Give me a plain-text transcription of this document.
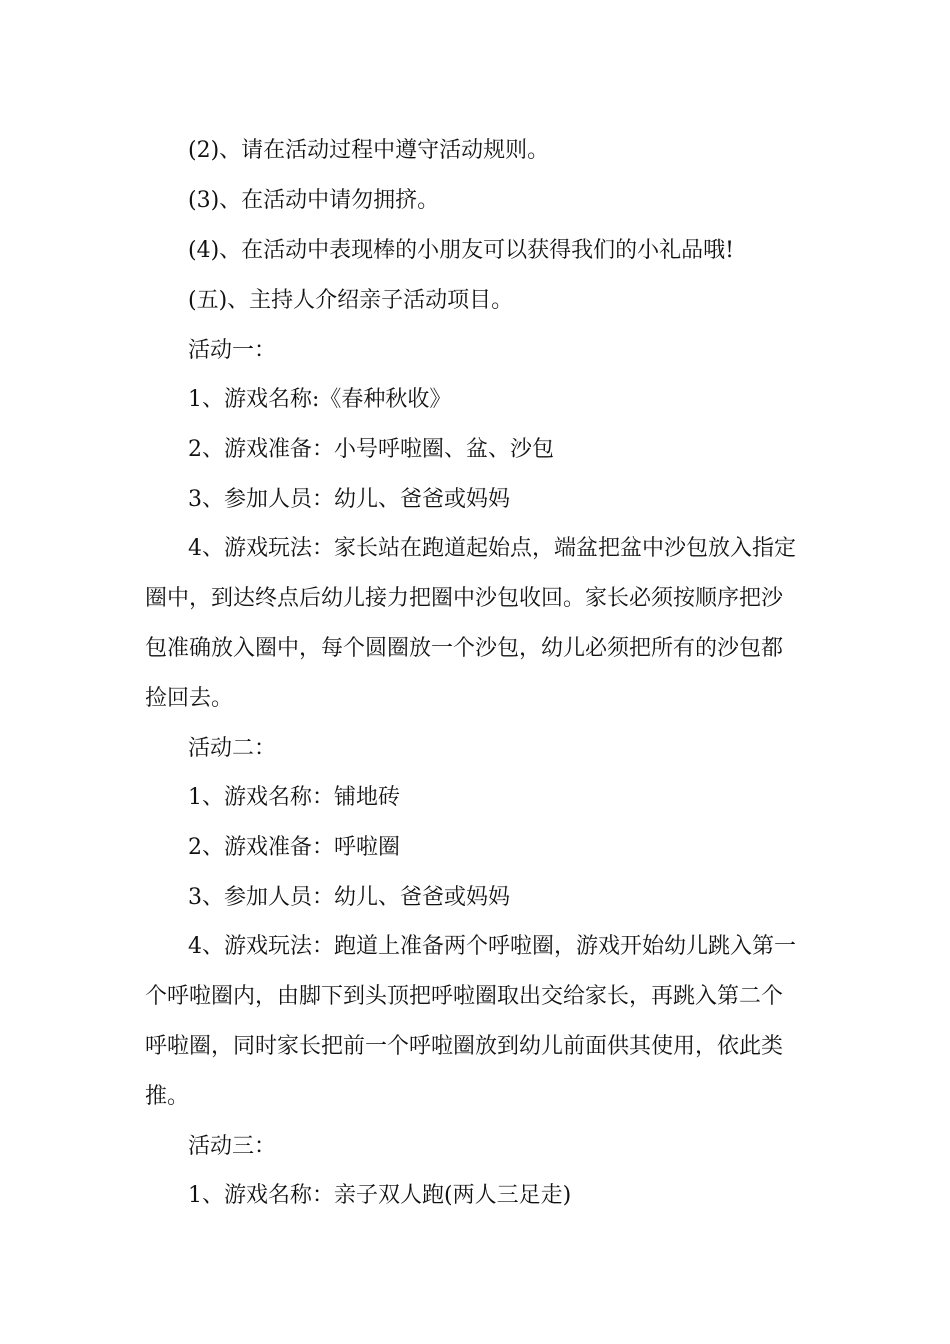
(2)、请在活动过程中遵守活动规则。
(3)、在活动中请勿拥挤。
(4)、在活动中表现棒的小朋友可以获得我们的小礼品哦!
(五)、主持人介绍亲子活动项目。
活动一：
1、游戏名称:《春种秋收》
2、游戏准备：小号呼啦圈、盆、沙包
3、参加人员：幼儿、爸爸或妈妈
4、游戏玩法：家长站在跑道起始点，端盆把盆中沙包放入指定
圈中，到达终点后幼儿接力把圈中沙包收回。家长必须按顺序把沙
包准确放入圈中，每个圆圈放一个沙包，幼儿必须把所有的沙包都
捡回去。
活动二：
1、游戏名称：铺地砖
2、游戏准备：呼啦圈
3、参加人员：幼儿、爸爸或妈妈
4、游戏玩法：跑道上准备两个呼啦圈，游戏开始幼儿跳入第一
个呼啦圈内，由脚下到头顶把呼啦圈取出交给家长，再跳入第二个
呼啦圈，同时家长把前一个呼啦圈放到幼儿前面供其使用，依此类
推。
活动三：
1、游戏名称：亲子双人跑(两人三足走)
